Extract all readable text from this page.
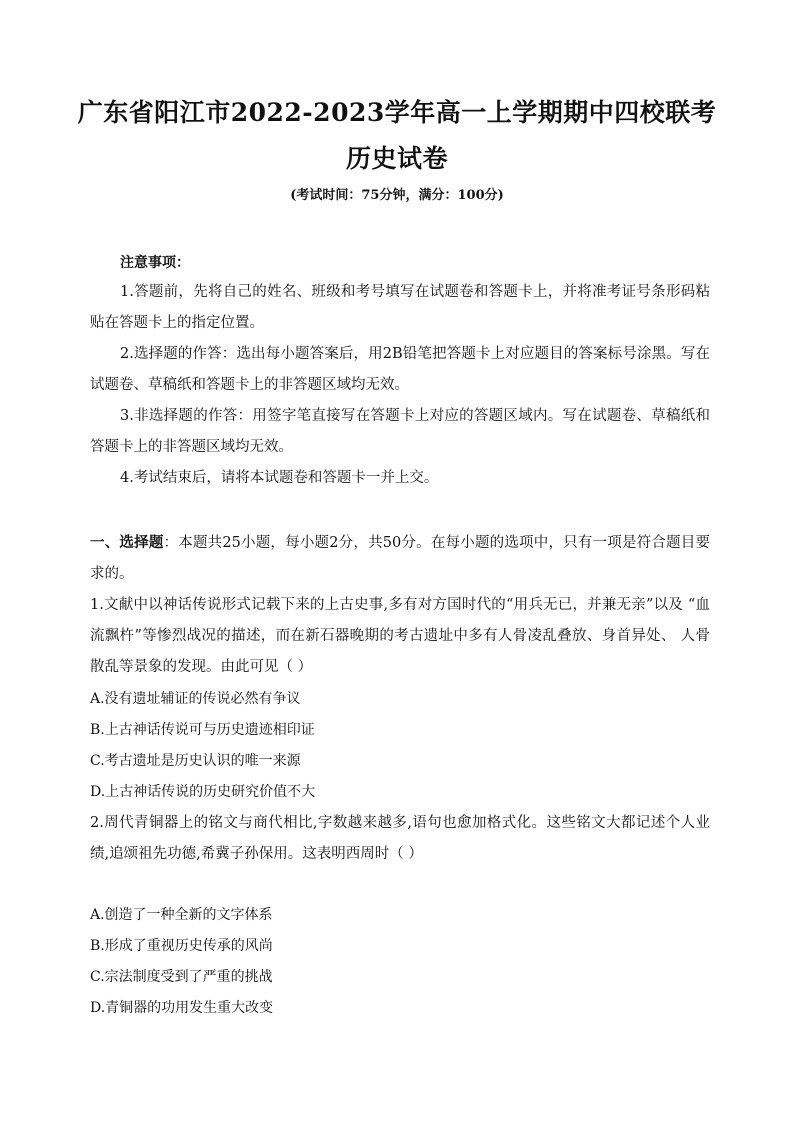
广东省阳江市2022-2023学年高一上学期期中四校联考
历史试卷
(考试时间：75分钟，满分：100分)
注意事项：
1.答题前，先将自己的姓名、班级和考号填写在试题卷和答题卡上，并将准考证号条形码粘贴在答题卡上的指定位置。
2.选择题的作答：选出每小题答案后，用2B铅笔把答题卡上对应题目的答案标号涂黑。写在试题卷、草稿纸和答题卡上的非答题区域均无效。
3.非选择题的作答：用签字笔直接写在答题卡上对应的答题区域内。写在试题卷、草稿纸和答题卡上的非答题区域均无效。
4.考试结束后，请将本试题卷和答题卡一并上交。
一、选择题：本题共25小题，每小题2分，共50分。在每小题的选项中，只有一项是符合题目要求的。
1.文献中以神话传说形式记载下来的上古史事,多有对方国时代的“用兵无已，并兼无亲”以及 “血流飘杵”等惨烈战况的描述，而在新石器晚期的考古遗址中多有人骨凌乱叠放、身首异处、 人骨散乱等景象的发现。由此可见（ ）
A.没有遗址辅证的传说必然有争议
B.上古神话传说可与历史遗迹相印证
C.考古遗址是历史认识的唯一来源
D.上古神话传说的历史研究价值不大
2.周代青铜器上的铭文与商代相比,字数越来越多,语句也愈加格式化。这些铭文大都记述个人业绩,追颂祖先功德,希冀子孙保用。这表明西周时（ ）
A.创造了一种全新的文字体系
B.形成了重视历史传承的风尚
C.宗法制度受到了严重的挑战
D.青铜器的功用发生重大改变
